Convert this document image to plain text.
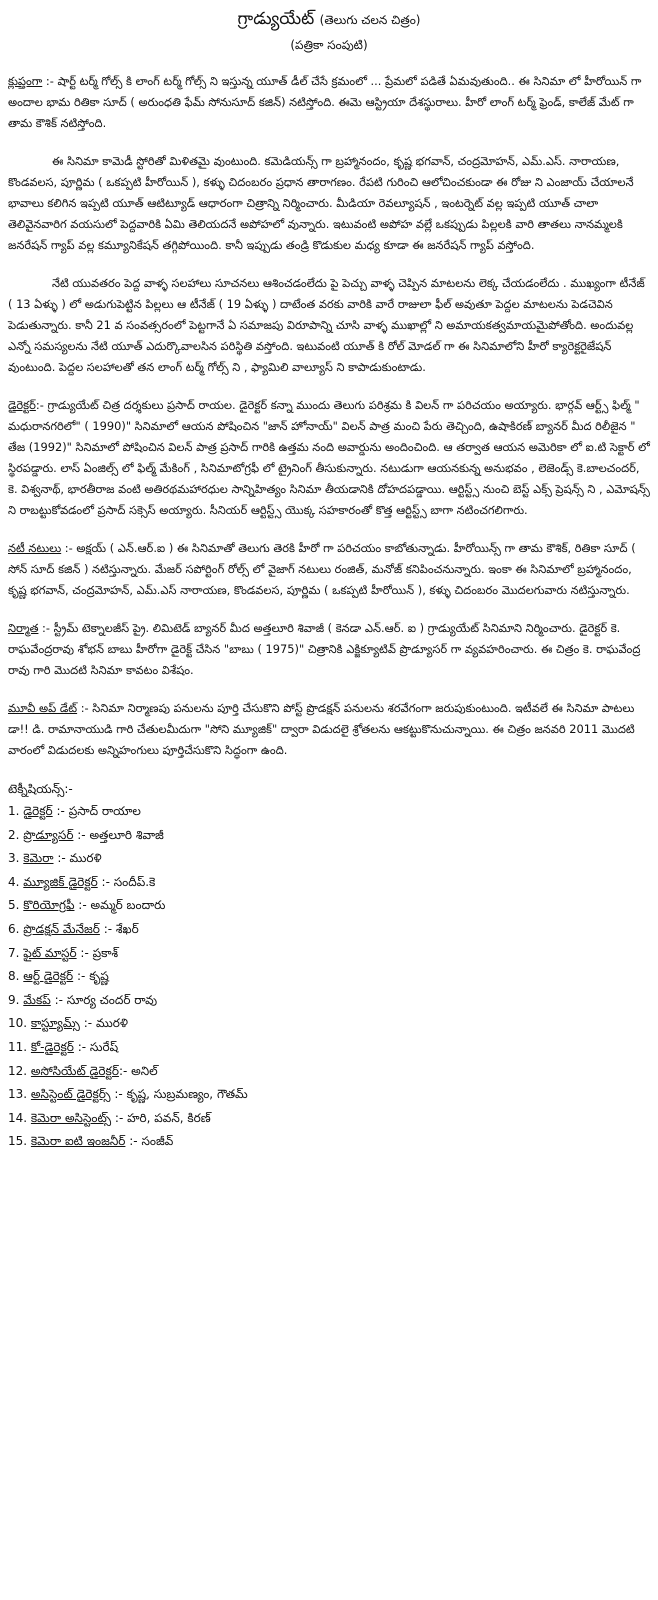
గ్రాడ్యుయేట్ (తెలుగు చలన చిత్రం)
(పత్రికా సంపుటి)

క్లుప్తంగా :- షార్ట్ టర్మ్ గోల్స్ కి లాంగ్ టర్మ్ గోల్స్ ని ఇస్తున్న యూత్ డీల్ చేసే క్రమంలో ... ప్రేమలో పడితే ఏమవుతుంది.. ఈ సినిమా లో హీరోయిన్ గా అందాల భామ రితికా సూద్ ( అరుంధతి ఫేమ్ సోనుసూద్ కజిన్) నటిస్తోంది. ఈమె ఆస్ట్రియా దేశస్థురాలు. హీరో లాంగ్ టర్మ్ ఫ్రెండ్, కాలేజ్ మేట్ గా తామ కౌశిక్ నటిస్తోంది.

ఈ సినిమా కామెడీ స్టోరితో మిళితమై వుంటుంది. కమెడియన్స్ గా బ్రహ్మానందం, కృష్ణ భగవాన్, చంద్రమోహన్, ఎమ్.ఎస్. నారాయణ, కొండవలస, పూర్ణిమ ( ఒకప్పటి హీరోయిన్ ), కళ్ళు చిదంబరం ప్రధాన తారాగణం. రేపటి గురించి ఆలోచించకుండా ఈ రోజు ని ఎంజాయ్ చేయాలనే భావాలు కలిగిన ఇప్పటి యూత్ ఆటిట్యూడ్ ఆధారంగా చిత్రాన్ని నిర్మించారు. మీడియా రెవల్యూషన్ , ఇంటర్నెట్ వల్ల ఇప్పటి యూత్ చాలా తెలివైనవారిగ వయసులో పెద్దవారికి ఏమి తెలియదనే అపోహలో వున్నారు. ఇటువంటి అపోహ వల్లే ఒకప్పుడు పిల్లలకి వారి తాతలు నానమ్మలకి జనరేషన్ గ్యాప్ వల్ల కమ్యూనికేషన్ తగ్గిపోయింది. కానీ ఇప్పుడు తండ్రి కొడుకుల మధ్య కూడా ఈ జనరేషన్ గ్యాప్ వస్తోంది.

నేటి యువతరం పెద్ద వాళ్ళ సలహాలు సూచనలు ఆశించడంలేదు పై పెచ్చు వాళ్ళ చెప్పిన మాటలను లెక్క చేయడంలేదు . ముఖ్యంగా టీనేజ్ ( 13 ఏళ్ళు ) లో అడుగుపెట్టిన పిల్లలు ఆ టీనేజ్ ( 19 ఏళ్ళు ) దాటేంత వరకు వారికి వారే రాజులా ఫీల్ అవుతూ పెద్దల మాటలను పెడచెవిన పెడుతున్నారు. కానీ 21 వ సంవత్సరంలో పెట్టగానే ఏ సమాజపు విరూపాన్ని చూసి వాళ్ళ ముఖాల్లో ని అమాయకత్వమాయమైపోతోంది. అందువల్ల ఎన్నో సమస్యలను నేటి యూత్ ఎదుర్కొవాలసిన పరిస్థితి వస్తోంది. ఇటువంటి యూత్ కి రోల్ మోడల్ గా ఈ సినిమాలోని హీరో క్యారెక్టరైజేషన్ వుంటుంది. పెద్దల సలహాలతో తన లాంగ్ టర్మ్ గోల్స్ ని , ఫ్యామిలి వాల్యూస్ ని కాపాడుకుంటాడు.

డైరెక్టర్:- గ్రాడ్యుయేట్ చిత్ర దర్శకులు ప్రసాద్ రాయల. డైరెక్టర్ కన్నా ముందు తెలుగు పరిశ్రమ కి విలన్ గా పరిచయం అయ్యారు. భార్గవ్ ఆర్ట్స్ ఫిల్మ్ " మధురానగరిలో" ( 1990)" సినిమాలో ఆయన పోషించిన "జాన్ హోనాయ్" విలన్ పాత్ర మంచి పేరు తెచ్చింది, ఉషాకిరణ్ బ్యానర్ మీద రిలీజైన " తేజ (1992)" సినిమాలో పోషించిన విలన్ పాత్ర ప్రసాద్ గారికి ఉత్తమ నంది అవార్డును అందించింది. ఆ తర్వాత ఆయన అమెరికా లో ఐ.టి సెక్టార్ లో స్థిరపడ్డారు. లాస్ ఏంజిల్స్ లో ఫిల్మ్ మేకింగ్ , సినిమాటోగ్రఫీ లో ట్రైనింగ్ తీసుకున్నారు. నటుడుగా ఆయనకున్న అనుభవం , లెజెండ్స్ కె.బాలచందర్, కె. విశ్వనాథ్, భారతీరాజ వంటి అతిరథమహారధుల సాన్నిహిత్యం సినిమా తీయడానికి దోహదపడ్డాయి. ఆర్టిస్ట్స్ నుంచి బెస్ట్ ఎక్స్ ప్రెషన్స్ ని , ఎమోషన్స్ ని రాబట్టుకోవడంలో ప్రసాద్ సక్సెస్ అయ్యారు. సీనియర్ ఆర్టిస్ట్స్ యొక్క సహకారంతో కొత్త ఆర్టిస్ట్స్ బాగా నటించగలిగారు.

నటీ నటులు :- అక్షయ్ ( ఎన్.ఆర్.ఐ ) ఈ సినిమాతో తెలుగు తెరకి హీరో గా పరిచయం కాబోతున్నాడు. హీరోయిన్స్ గా తామ కౌశిక్, రితికా సూద్ ( సోన్ సూద్ కజిన్ ) నటిస్తున్నారు. మేజర్ సపోర్టింగ్ రోల్స్ లో వైజాగ్ నటులు రంజిత్, మనోజ్ కనిపించనున్నారు. ఇంకా ఈ సినిమాలో బ్రహ్మానందం, కృష్ణ భగవాన్, చంద్రమోహన్, ఎమ్.ఎస్ నారాయణ, కొండవలస, పూర్ణిమ ( ఒకప్పటి హీరోయిన్ ), కళ్ళు చిదంబరం మొదలగువారు నటిస్తున్నారు.

నిర్మాత :- స్ట్రీమ్ టెక్నాలజీస్ ప్రై. లిమిటెడ్ బ్యానర్ మీద అత్తలూరి శివాజీ ( కెనడా ఎన్.ఆర్. ఐ ) గ్రాడ్యుయేట్ సినిమాని నిర్మించారు. డైరెక్టర్ కె. రాఘవేంద్రరావు శోభన్ బాబు హీరోగా డైరెక్ట్ చేసిన "బాబు ( 1975)" చిత్రానికి ఎక్జిక్యూటివ్ ప్రొడ్యూసర్ గా వ్యవహరించారు. ఈ చిత్రం కె. రాఘవేంద్ర రావు గారి మొదటి సినిమా కావటం విశేషం.

మూవీ అప్ డేట్ :- సినిమా నిర్మాణపు పనులను పూర్తి చేసుకొని పోస్ట్ ప్రొడక్షన్ పనులను శరవేగంగా జరుపుకుంటుంది. ఇటీవలే ఈ సినిమా పాటలు డా!! డి. రామానాయుడి గారి చేతులమీదుగా "సోని మ్యూజిక్" ద్వారా విడుదలై శ్రోతలను ఆకట్టుకొనుచున్నాయి. ఈ చిత్రం జనవరి 2011 మొదటి వారంలో విడుదలకు అన్నిహంగులు పూర్తిచేసుకొని సిద్ధంగా ఉంది.

టెక్నీషియన్స్:-
1. డైరెక్టర్ :- ప్రసాద్ రాయాల
2. ప్రొడ్యూసర్ :- అత్తలూరి శివాజీ
3. కెమెరా :- మురళి
4. మ్యూజిక్ డైరెక్టర్ :- సందీప్.కె
5. కొరియోగ్రఫీ :- అమ్మర్ బందారు
6. ప్రొడక్షన్ మేనేజర్ :- శేఖర్
7. ఫైట్ మాస్టర్ :- ప్రకాశ్
8. ఆర్ట్ డైరెక్టర్ :- కృష్ణ
9. మేకప్ :- సూర్య చందర్ రావు
10. కాస్ట్యూమ్స్ :- మురళి
11. కో-డైరెక్టర్ :- సురేష్
12. అసోసియేట్ డైరెక్టర్:- అనిల్
13. అసిస్టెంట్ డైరెక్టర్స్ :- కృష్ణ, సుబ్రమణ్యం, గౌతమ్
14. కెమెరా అసిస్టెంట్స్ :- హరి, పవన్, కిరణ్
15. కెమెరా ఐటి ఇంజనీర్ :- సంజీవ్
